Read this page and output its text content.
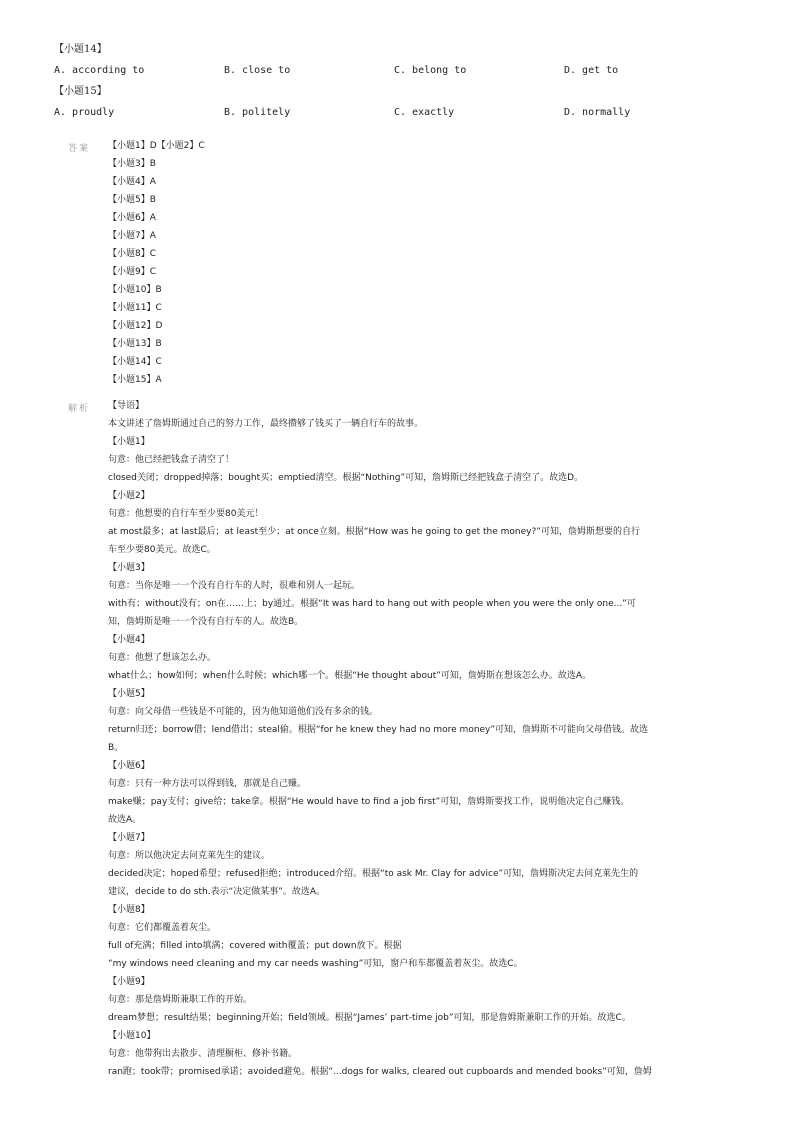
【小题14】
A. according to	B. close to	C. belong to	D. get to
【小题15】
A. proudly	B. politely	C. exactly	D. normally
答案 【小题1】D【小题2】C
【小题3】B
【小题4】A
【小题5】B
【小题6】A
【小题7】A
【小题8】C
【小题9】C
【小题10】B
【小题11】C
【小题12】D
【小题13】B
【小题14】C
【小题15】A
解析 【导语】
本文讲述了詹姆斯通过自己的努力工作，最终攒够了钱买了一辆自行车的故事。
【小题1】
句意：他已经把钱盒子清空了！
closed关闭；dropped掉落；bought买；emptied清空。根据“Nothing”可知，詹姆斯已经把钱盒子清空了。故选D。
【小题2】
句意：他想要的自行车至少要80美元！
at most最多；at last最后；at least至少；at once立刻。根据“How was he going to get the money?”可知，詹姆斯想要的自行
车至少要80美元。故选C。
【小题3】
句意：当你是唯一一个没有自行车的人时，很难和别人一起玩。
with有；without没有；on在……上；by通过。根据“It was hard to hang out with people when you were the only one...”可
知，詹姆斯是唯一一个没有自行车的人。故选B。
【小题4】
句意：他想了想该怎么办。
what什么；how如何；when什么时候；which哪一个。根据“He thought about”可知，詹姆斯在想该怎么办。故选A。
【小题5】
句意：向父母借一些钱是不可能的，因为他知道他们没有多余的钱。
return归还；borrow借；lend借出；steal偷。根据“for he knew they had no more money”可知，詹姆斯不可能向父母借钱。故选
B。
【小题6】
句意：只有一种方法可以得到钱，那就是自己赚。
make赚；pay支付；give给；take拿。根据“He would have to find a job first”可知，詹姆斯要找工作，说明他决定自己赚钱。
故选A。
【小题7】
句意：所以他决定去问克莱先生的建议。
decided决定；hoped希望；refused拒绝；introduced介绍。根据“to ask Mr. Clay for advice”可知，詹姆斯决定去问克莱先生的
建议，decide to do sth.表示“决定做某事”。故选A。
【小题8】
句意：它们都覆盖着灰尘。
full of充满；filled into填满；covered with覆盖；put down放下。根据
“my windows need cleaning and my car needs washing”可知，窗户和车都覆盖着灰尘。故选C。
【小题9】
句意：那是詹姆斯兼职工作的开始。
dream梦想；result结果；beginning开始；field领域。根据“James’ part-time job”可知，那是詹姆斯兼职工作的开始。故选C。
【小题10】
句意：他带狗出去散步、清理橱柜、修补书籍。
ran跑；took带；promised承诺；avoided避免。根据“...dogs for walks, cleared out cupboards and mended books”可知，詹姆
